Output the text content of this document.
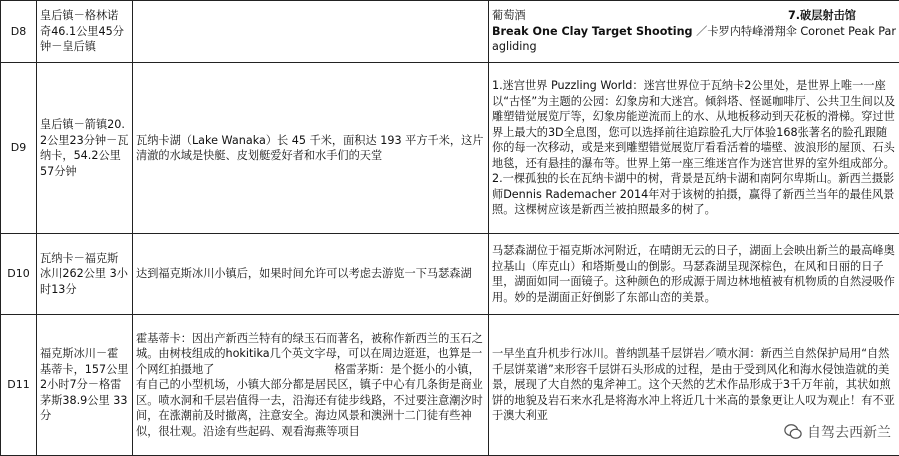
D8	皇后镇－格林诺奇46.1公里45分钟－皇后镇		葡萄酒 7.破层射击馆
Break One Clay Target Shooting ／卡罗内特峰滑翔伞 Coronet Peak Paragliding
D9	皇后镇－箭镇20.2公里23分钟－瓦纳卡，54.2公里 57分钟	瓦纳卡湖（Lake Wanaka）长 45 千米，面积达 193 平方千米，这片清澈的水域是快艇、皮划艇爱好者和水手们的天堂	1.迷宫世界 Puzzling World：迷宫世界位于瓦纳卡2公里处，是世界上唯一一座以“古怪”为主题的公园：幻象房和大迷宫。倾斜塔、怪诞咖啡厅、公共卫生间以及雕塑错觉展览厅等，幻象房能逆流而上的水、从地板移动到天花板的滑梯。穿过世界上最大的3D全息图，您可以选择前往追踪脸孔大厅体验168张著名的脸孔跟随你的每一次移动，或是来到雕塑错觉展览厅看看活着的墙壁、波浪形的屋顶、石头地毯，还有悬挂的瀑布等。世界上第一座三维迷宫作为迷宫世界的室外组成部分。 2.一棵孤独的长在瓦纳卡湖中的树，背景是瓦纳卡湖和南阿尔卑斯山。新西兰摄影师Dennis Rademacher 2014年对于该树的拍摄，赢得了新西兰当年的最佳风景照。这棵树应该是新西兰被拍照最多的树了。
D10	瓦纳卡－福克斯冰川262公里 3小时13分	达到福克斯冰川小镇后，如果时间允许可以考虑去游览一下马瑟森湖	马瑟森湖位于福克斯冰河附近，在晴朗无云的日子，湖面上会映出新兰的最高峰奥拉基山（库克山）和塔斯曼山的倒影。马瑟森湖呈现深棕色，在风和日丽的日子里，湖面如同一面镜子。这种颜色的形成源于周边林地植被有机物质的自然浸吸作用。妙的是湖面正好倒影了东部山峦的美景。
D11	福克斯冰川－霍基蒂卡，157公里 2小时7分－格雷茅斯38.9公里 33分	霍基蒂卡：因出产新西兰特有的绿玉石而著名，被称作新西兰的玉石之城。由树枝组成的hokitika几个英文字母，可以在周边逛逛，也算是一个网红拍摄地了 格雷茅斯：是个挺小的小镇，有自己的小型机场，小镇大部分都是居民区，镇子中心有几条街是商业区。喷水洞和千层岩值得一去，沿海还有徒步线路，不过要注意潮汐时间，在涨潮前及时撤离，注意安全。海边风景和澳洲十二门徒有些神似，很壮观。沿途有些起码、观看海燕等项目	一早坐直升机步行冰川。普纳凯基千层饼岩／喷水洞：新西兰自然保护局用“自然千层饼菜谱”来形容千层饼石头形成的过程，是由于受到风化和海水侵蚀造就的美景，展现了大自然的鬼斧神工。这个天然的艺术作品形成于3千万年前，其状如煎饼的地貌及岩石来水孔是将海水冲上将近几十米高的景象更让人叹为观止！有不亚于澳大利亚
自驾去西新兰
